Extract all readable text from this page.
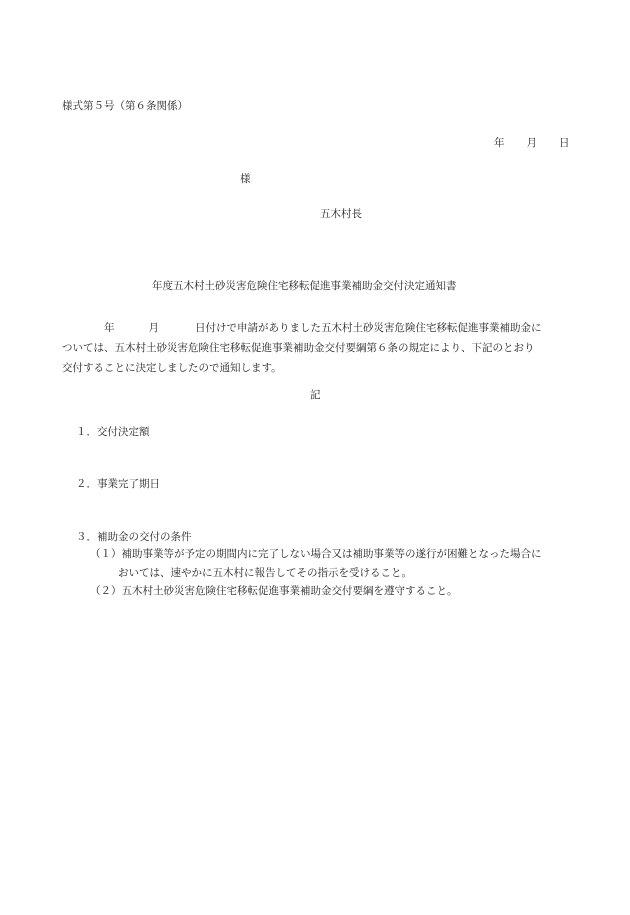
様式第５号（第６条関係）
年 月 日
様
五木村長
年度五木村土砂災害危険住宅移転促進事業補助金交付決定通知書
年	月	日付けで申請がありました五木村土砂災害危険住宅移転促進事業補助金に
ついては、五木村土砂災害危険住宅移転促進事業補助金交付要綱第６条の規定により、下記のとおり
交付することに決定しましたので通知します。
記
１．交付決定額
２．事業完了期日
３．補助金の交付の条件
（１）補助事業等が予定の期間内に完了しない場合又は補助事業等の遂行が困難となった場合に
おいては、速やかに五木村に報告してその指示を受けること。
（２）五木村土砂災害危険住宅移転促進事業補助金交付要綱を遵守すること。
